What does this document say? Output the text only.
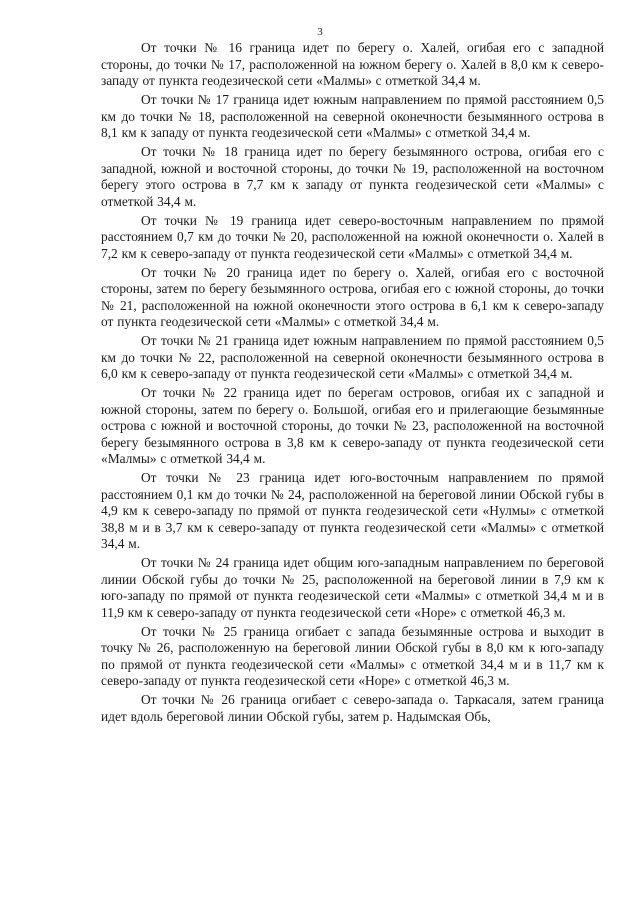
3

От точки № 16 граница идет по берегу о. Халей, огибая его с западной стороны, до точки № 17, расположенной на южном берегу о. Халей в 8,0 км к северо-западу от пункта геодезической сети «Малмы» с отметкой 34,4 м.

От точки № 17 граница идет южным направлением по прямой расстоянием 0,5 км до точки № 18, расположенной на северной оконечности безымянного острова в 8,1 км к западу от пункта геодезической сети «Малмы» с отметкой 34,4 м.

От точки № 18 граница идет по берегу безымянного острова, огибая его с западной, южной и восточной стороны, до точки № 19, расположенной на восточном берегу этого острова в 7,7 км к западу от пункта геодезической сети «Малмы» с отметкой 34,4 м.

От точки № 19 граница идет северо-восточным направлением по прямой расстоянием 0,7 км до точки № 20, расположенной на южной оконечности о. Халей в 7,2 км к северо-западу от пункта геодезической сети «Малмы» с отметкой 34,4 м.

От точки № 20 граница идет по берегу о. Халей, огибая его с восточной стороны, затем по берегу безымянного острова, огибая его с южной стороны, до точки № 21, расположенной на южной оконечности этого острова в 6,1 км к северо-западу от пункта геодезической сети «Малмы» с отметкой 34,4 м.

От точки № 21 граница идет южным направлением по прямой расстоянием 0,5 км до точки № 22, расположенной на северной оконечности безымянного острова в 6,0 км к северо-западу от пункта геодезической сети «Малмы» с отметкой 34,4 м.

От точки № 22 граница идет по берегам островов, огибая их с западной и южной стороны, затем по берегу о. Большой, огибая его и прилегающие безымянные острова с южной и восточной стороны, до точки № 23, расположенной на восточной берегу безымянного острова в 3,8 км к северо-западу от пункта геодезической сети «Малмы» с отметкой 34,4 м.

От точки № 23 граница идет юго-восточным направлением по прямой расстоянием 0,1 км до точки № 24, расположенной на береговой линии Обской губы в 4,9 км к северо-западу по прямой от пункта геодезической сети «Нулмы» с отметкой 38,8 м и в 3,7 км к северо-западу от пункта геодезической сети «Малмы» с отметкой 34,4 м.

От точки № 24 граница идет общим юго-западным направлением по береговой линии Обской губы до точки № 25, расположенной на береговой линии в 7,9 км к юго-западу по прямой от пункта геодезической сети «Малмы» с отметкой 34,4 м и в 11,9 км к северо-западу от пункта геодезической сети «Норе» с отметкой 46,3 м.

От точки № 25 граница огибает с запада безымянные острова и выходит в точку № 26, расположенную на береговой линии Обской губы в 8,0 км к юго-западу по прямой от пункта геодезической сети «Малмы» с отметкой 34,4 м и в 11,7 км к северо-западу от пункта геодезической сети «Норе» с отметкой 46,3 м.

От точки № 26 граница огибает с северо-запада о. Таркасаля, затем граница идет вдоль береговой линии Обской губы, затем р. Надымская Обь,
